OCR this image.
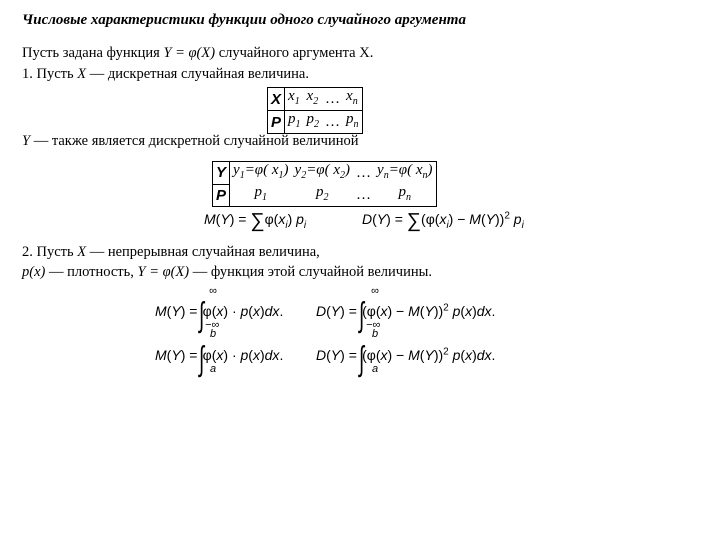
Числовые характеристики функции одного случайного аргумента
Пусть задана функция Y = φ(X) случайного аргумента X.
1. Пусть X — дискретная случайная величина.
X	$x_1$	$x_2$	…	$x_n$
P	$p_1$	$p_2$	…	$p_n$
Y — также является дискретной случайной величиной
Y	$y_1=\varphi$( $x_1$)	$y_2=\varphi$( $x_2$)	…	$y_n=\varphi$( $x_n$)
P	$p_1$	$p_2$	…	$p_n$
$M(Y) = \sum\varphi(x_i)$ $p_i$	$D(Y) = \sum(\varphi(x_i) - M(Y))^2$ $p_i$
2. Пусть X — непрерывная случайная величина,
p(x) — плотность, Y = φ(X) — функция этой случайной величины.
∞
−∞
M(Y) = ∫φ(x) · p(x)dx.
∞
−∞
$D(Y) = \int(\varphi(x) - M(Y))^2$ p(x)dx.
b
a
M(Y) = ∫φ(x) · p(x)dx.
b
a
$D(Y) = \int(\varphi(x) - M(Y))^2$ p(x)dx.
